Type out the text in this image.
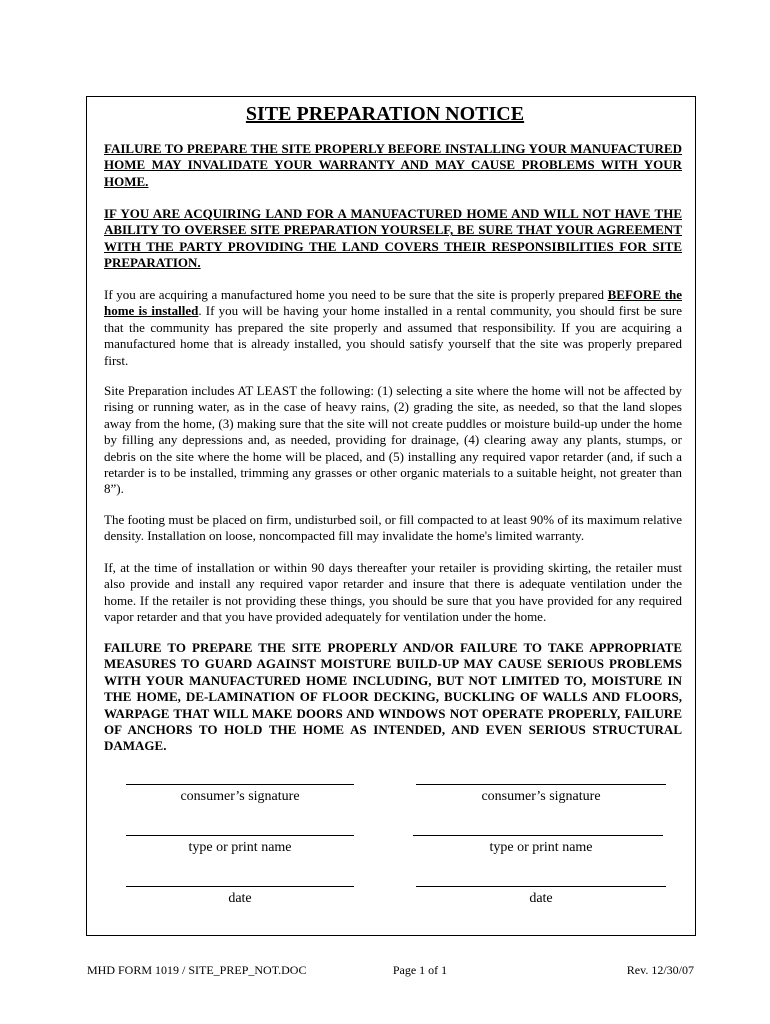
SITE PREPARATION NOTICE

FAILURE TO PREPARE THE SITE PROPERLY BEFORE INSTALLING YOUR MANUFACTURED HOME MAY INVALIDATE YOUR WARRANTY AND MAY CAUSE PROBLEMS WITH YOUR HOME.

IF YOU ARE ACQUIRING LAND FOR A MANUFACTURED HOME AND WILL NOT HAVE THE ABILITY TO OVERSEE SITE PREPARATION YOURSELF, BE SURE THAT YOUR AGREEMENT WITH THE PARTY PROVIDING THE LAND COVERS THEIR RESPONSIBILITIES FOR SITE PREPARATION.

If you are acquiring a manufactured home you need to be sure that the site is properly prepared BEFORE the home is installed. If you will be having your home installed in a rental community, you should first be sure that the community has prepared the site properly and assumed that responsibility. If you are acquiring a manufactured home that is already installed, you should satisfy yourself that the site was properly prepared first.

Site Preparation includes AT LEAST the following: (1) selecting a site where the home will not be affected by rising or running water, as in the case of heavy rains, (2) grading the site, as needed, so that the land slopes away from the home, (3) making sure that the site will not create puddles or moisture build-up under the home by filling any depressions and, as needed, providing for drainage, (4) clearing away any plants, stumps, or debris on the site where the home will be placed, and (5) installing any required vapor retarder (and, if such a retarder is to be installed, trimming any grasses or other organic materials to a suitable height, not greater than 8”).

The footing must be placed on firm, undisturbed soil, or fill compacted to at least 90% of its maximum relative density. Installation on loose, noncompacted fill may invalidate the home's limited warranty.

If, at the time of installation or within 90 days thereafter your retailer is providing skirting, the retailer must also provide and install any required vapor retarder and insure that there is adequate ventilation under the home. If the retailer is not providing these things, you should be sure that you have provided for any required vapor retarder and that you have provided adequately for ventilation under the home.

FAILURE TO PREPARE THE SITE PROPERLY AND/OR FAILURE TO TAKE APPROPRIATE MEASURES TO GUARD AGAINST MOISTURE BUILD-UP MAY CAUSE SERIOUS PROBLEMS WITH YOUR MANUFACTURED HOME INCLUDING, BUT NOT LIMITED TO, MOISTURE IN THE HOME, DE-LAMINATION OF FLOOR DECKING, BUCKLING OF WALLS AND FLOORS, WARPAGE THAT WILL MAKE DOORS AND WINDOWS NOT OPERATE PROPERLY, FAILURE OF ANCHORS TO HOLD THE HOME AS INTENDED, AND EVEN SERIOUS STRUCTURAL DAMAGE.

consumer’s signature	consumer’s signature

type or print name	type or print name

date	date

MHD FORM 1019 / SITE_PREP_NOT.DOC	Page 1 of 1	Rev. 12/30/07
